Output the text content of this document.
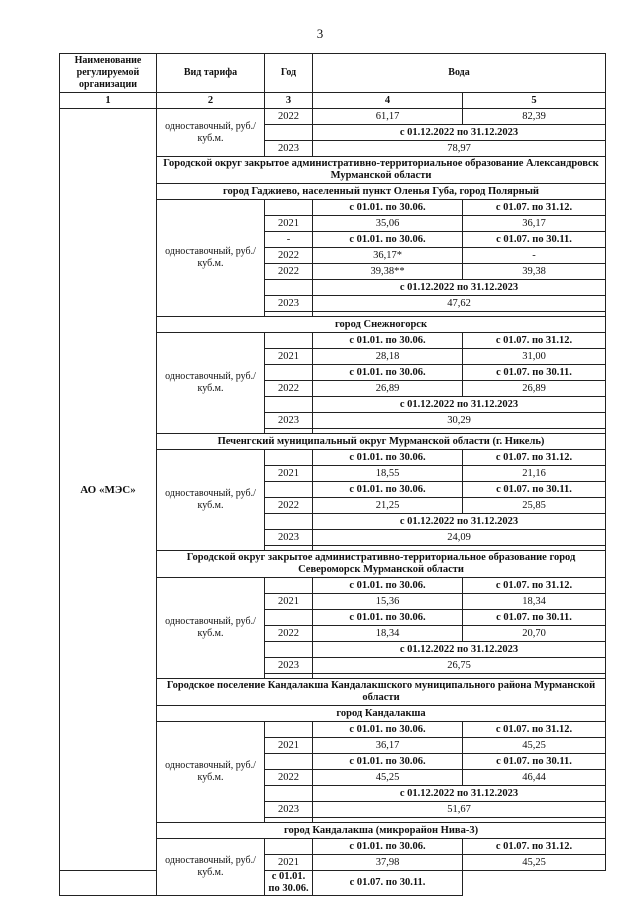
3
Наименование регулируемой организации	Вид тарифа	Год	Вода	
1	2	3	4	5
АО «МЭС»	одноставочный, руб./куб.м.	2022	61,17	82,39
			с 01.12.2022 по 31.12.2023	
		2023	78,97	
	Городской округ закрытое административно-территориальное образование Александровск Мурманской области			
	город Гаджиево, населенный пункт Оленья Губа, город Полярный			
	одноставочный, руб./куб.м.		с 01.01. по 30.06.	с 01.07. по 31.12.
		2021	35,06	36,17
		-	с 01.01. по 30.06.	с 01.07. по 30.11.
		2022	36,17*	-
		2022	39,38**	39,38
			с 01.12.2022 по 31.12.2023	
		2023	47,62	

	город Снежногорск			
	одноставочный, руб./куб.м.		с 01.01. по 30.06.	с 01.07. по 31.12.
		2021	28,18	31,00
			с 01.01. по 30.06.	с 01.07. по 30.11.
		2022	26,89	26,89
			с 01.12.2022 по 31.12.2023	
		2023	30,29	

	Печенгский муниципальный округ Мурманской области (г. Никель)			
	одноставочный, руб./куб.м.		с 01.01. по 30.06.	с 01.07. по 31.12.
		2021	18,55	21,16
			с 01.01. по 30.06.	с 01.07. по 30.11.
		2022	21,25	25,85
			с 01.12.2022 по 31.12.2023	
		2023	24,09	

	Городской округ закрытое административно-территориальное образование город Североморск Мурманской области			
	одноставочный, руб./куб.м.		с 01.01. по 30.06.	с 01.07. по 31.12.
		2021	15,36	18,34
			с 01.01. по 30.06.	с 01.07. по 30.11.
		2022	18,34	20,70
			с 01.12.2022 по 31.12.2023	
		2023	26,75	

	Городское поселение Кандалакша Кандалакшского муниципального района Мурманской области			
	город Кандалакша			
	одноставочный, руб./куб.м.		с 01.01. по 30.06.	с 01.07. по 31.12.
		2021	36,17	45,25
			с 01.01. по 30.06.	с 01.07. по 30.11.
		2022	45,25	46,44
			с 01.12.2022 по 31.12.2023	
		2023	51,67	

	город Кандалакша (микрорайон Нива-3)			
	одноставочный, руб./куб.м.		с 01.01. по 30.06.	с 01.07. по 31.12.
		2021	37,98	45,25
		с 01.01. по 30.06.	с 01.07. по 30.11.	
